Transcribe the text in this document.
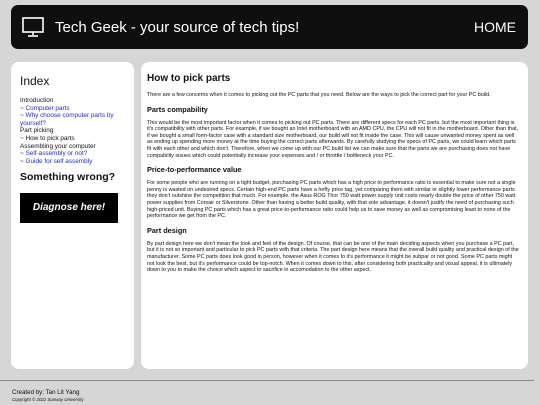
Tech Geek - your source of tech tips!	HOME
Index
Introduction
~ Computer parts
~ Why choose computer parts by yourself?
Part picking
~ How to pick parts
Assembling your computer
~ Self-assembly or not?
~ Guide for self assembly
Something wrong?
Diagnose here!
How to pick parts

There are a few concerns when it comes to picking out the PC parts that you need. Below are the ways to pick the correct part for your PC build.

Parts compability

This would be the most important factor when it comes to picking out PC parts. There are different specs for each PC parts, but the most important thing is it's compatibility with other parts. For example, if we bought an Intel motherboard with an AMD CPU, the CPU will not fit in the motherboard. Other than that, if we bought a small form-factor case with a standard size motherboard, our build will not fit inside the case. This will cause unwanted money spent as well as ending up spending more money at the time buying the correct parts afterwards. By carefully studying the specs of PC parts, we could learn which parts fit with each other and which don't. Therefore, when we come up with our PC build list we can make sure that the parts we are purchasing does not have compability issues which could potentially increase your expenses and / or throttle / bottleneck your PC.

Price-to-performance value

For some people who are running on a tight budget, purchasing PC parts which has a high price to performance ratio is essential to make sure not a single penny is wasted on undesired specs. Certain high-end PC parts have a hefty price tag, yet comparing them with similar or slightly lower performance parts they don't outshine the competition that much. For example, the Asus ROG Thor 750 watt power supply unit costs nearly double the price of other 750 watt power supplies from Corsair or Silverstone. Other than having a better build quality, with that sole advantage, it doesn't justify the need of purchasing such high-priced unit. Buying PC parts which has a great price-to-performance ratio could help us to save money as well as compromising least to none of the performance we get from the PC.

Part design

By part design here we don't mean the look and feel of the design. Of course, that can be one of the main deciding aspects when you purchase a PC part, but it is not so important and particular to pick PC parts with that criteria. The part design here means that the overall build quality and practical design of the manufacturer. Some PC parts does look good in person, however when it comes to it's performance it might be subpar or not good. Some PC parts might not look the best, but it's performance could be top-notch. When it comes down to this, after considering both practicality and visual appeal, it is ultimately down to you to make the choice which aspect to sacrifice in accomodation to the other aspect.

Created by: Tan Lit Yang
Copyright © 2022 Sunway University
